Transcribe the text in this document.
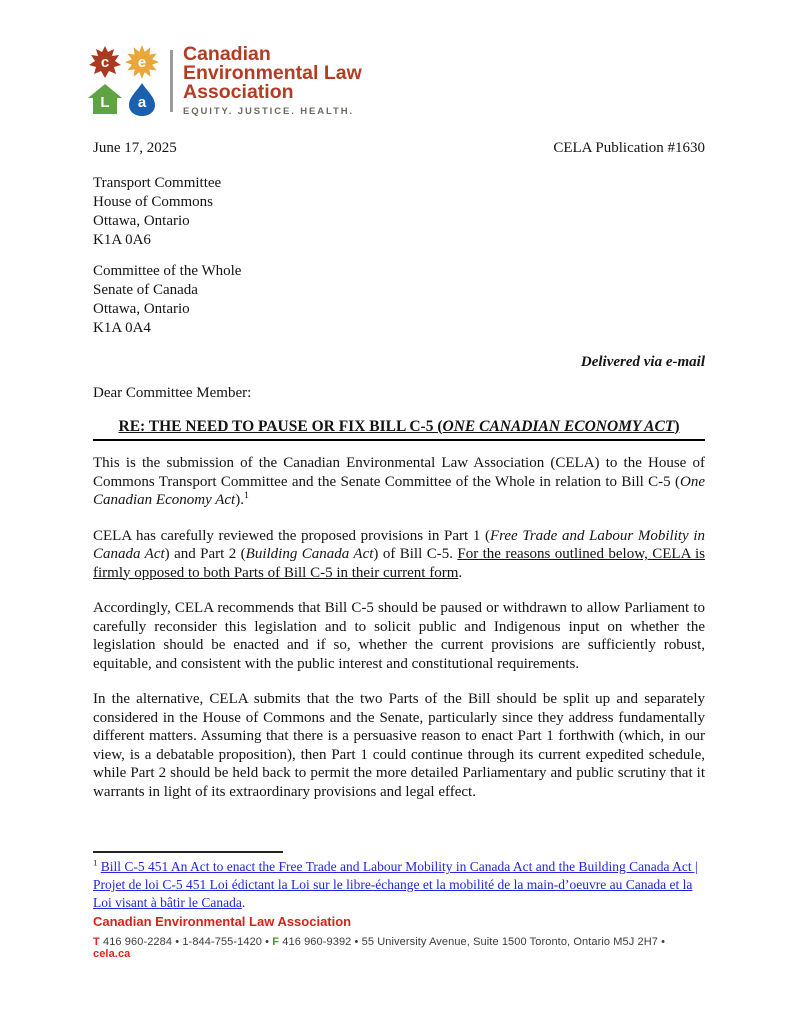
c	e
L	a
Canadian
Environmental Law
Association
EQUITY. JUSTICE. HEALTH.
June 17, 2025	CELA Publication #1630
Transport Committee
House of Commons
Ottawa, Ontario
K1A 0A6
Committee of the Whole
Senate of Canada
Ottawa, Ontario
K1A 0A4
Delivered via e-mail
Dear Committee Member:
RE: THE NEED TO PAUSE OR FIX BILL C-5 (ONE CANADIAN ECONOMY ACT)

This is the submission of the Canadian Environmental Law Association (CELA) to the House of Commons Transport Committee and the Senate Committee of the Whole in relation to Bill C-5 (One Canadian Economy Act).$^1$

CELA has carefully reviewed the proposed provisions in Part 1 (Free Trade and Labour Mobility in Canada Act) and Part 2 (Building Canada Act) of Bill C-5. For the reasons outlined below, CELA is firmly opposed to both Parts of Bill C-5 in their current form.

Accordingly, CELA recommends that Bill C-5 should be paused or withdrawn to allow Parliament to carefully reconsider this legislation and to solicit public and Indigenous input on whether the legislation should be enacted and if so, whether the current provisions are sufficiently robust, equitable, and consistent with the public interest and constitutional requirements.

In the alternative, CELA submits that the two Parts of the Bill should be split up and separately considered in the House of Commons and the Senate, particularly since they address fundamentally different matters. Assuming that there is a persuasive reason to enact Part 1 forthwith (which, in our view, is a debatable proposition), then Part 1 could continue through its current expedited schedule, while Part 2 should be held back to permit the more detailed Parliamentary and public scrutiny that it warrants in light of its extraordinary provisions and legal effect.

$^1$ Bill C-5 451 An Act to enact the Free Trade and Labour Mobility in Canada Act and the Building Canada Act | Projet de loi C-5 451 Loi édictant la Loi sur le libre-échange et la mobilité de la main-d’oeuvre au Canada et la Loi visant à bâtir le Canada.

Canadian Environmental Law Association
T 416 960-2284 • 1-844-755-1420 • F 416 960-9392 • 55 University Avenue, Suite 1500 Toronto, Ontario M5J 2H7 • cela.ca
